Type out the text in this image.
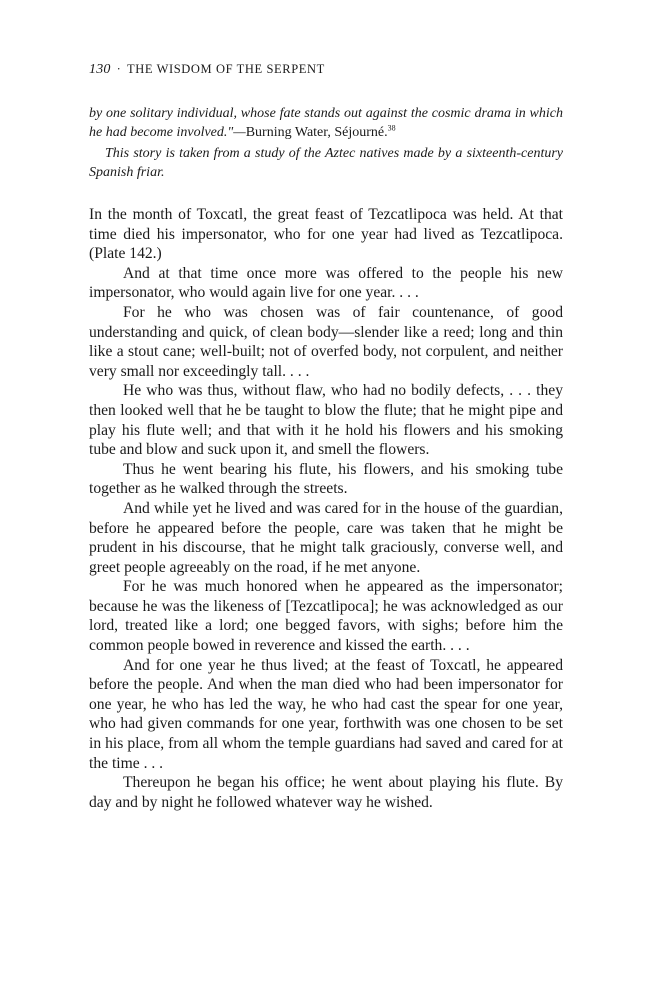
130 · THE WISDOM OF THE SERPENT

by one solitary individual, whose fate stands out against the cosmic drama in which he had become involved."—Burning Water, Séjourné.$^{38}$

This story is taken from a study of the Aztec natives made by a sixteenth-century Spanish friar.

In the month of Toxcatl, the great feast of Tezcatlipoca was held. At that time died his impersonator, who for one year had lived as Tezcatlipoca. (Plate 142.)

And at that time once more was offered to the people his new impersonator, who would again live for one year. . . .

For he who was chosen was of fair countenance, of good understanding and quick, of clean body—slender like a reed; long and thin like a stout cane; well-built; not of overfed body, not corpulent, and neither very small nor exceedingly tall. . . .

He who was thus, without flaw, who had no bodily defects, . . . they then looked well that he be taught to blow the flute; that he might pipe and play his flute well; and that with it he hold his flowers and his smoking tube and blow and suck upon it, and smell the flowers.

Thus he went bearing his flute, his flowers, and his smoking tube together as he walked through the streets.

And while yet he lived and was cared for in the house of the guardian, before he appeared before the people, care was taken that he might be prudent in his discourse, that he might talk graciously, converse well, and greet people agreeably on the road, if he met anyone.

For he was much honored when he appeared as the impersonator; because he was the likeness of [Tezcatlipoca]; he was acknowledged as our lord, treated like a lord; one begged favors, with sighs; before him the common people bowed in reverence and kissed the earth. . . .

And for one year he thus lived; at the feast of Toxcatl, he appeared before the people. And when the man died who had been impersonator for one year, he who has led the way, he who had cast the spear for one year, who had given commands for one year, forthwith was one chosen to be set in his place, from all whom the temple guardians had saved and cared for at the time . . .

Thereupon he began his office; he went about playing his flute. By day and by night he followed whatever way he wished.
